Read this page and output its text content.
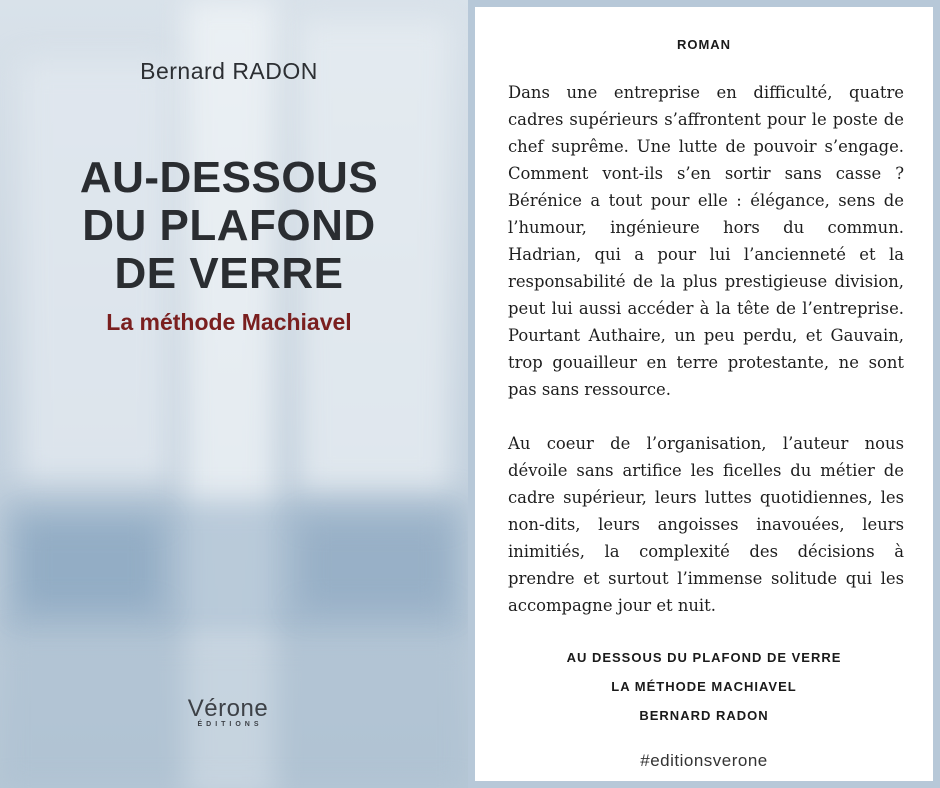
Bernard RADON
AU-DESSOUS
DU PLAFOND
DE VERRE
La méthode Machiavel
Vérone
ÉDITIONS
ROMAN

Dans une entreprise en difficulté, quatre cadres supérieurs s’affrontent pour le poste de chef suprême. Une lutte de pouvoir s’engage. Comment vont-ils s’en sortir sans casse ? Bérénice a tout pour elle : élégance, sens de l’humour, ingénieure hors du commun. Hadrian, qui a pour lui l’ancienneté et la responsabilité de la plus prestigieuse division, peut lui aussi accéder à la tête de l’entreprise. Pourtant Authaire, un peu perdu, et Gauvain, trop gouailleur en terre protestante, ne sont pas sans ressource.

Au coeur de l’organisation, l’auteur nous dévoile sans artifice les ficelles du métier de cadre supérieur, leurs luttes quotidiennes, les non-dits, leurs angoisses inavouées, leurs inimitiés, la complexité des décisions à prendre et surtout l’immense solitude qui les accompagne jour et nuit.

AU DESSOUS DU PLAFOND DE VERRE
LA MÉTHODE MACHIAVEL
BERNARD RADON
#editionsverone
